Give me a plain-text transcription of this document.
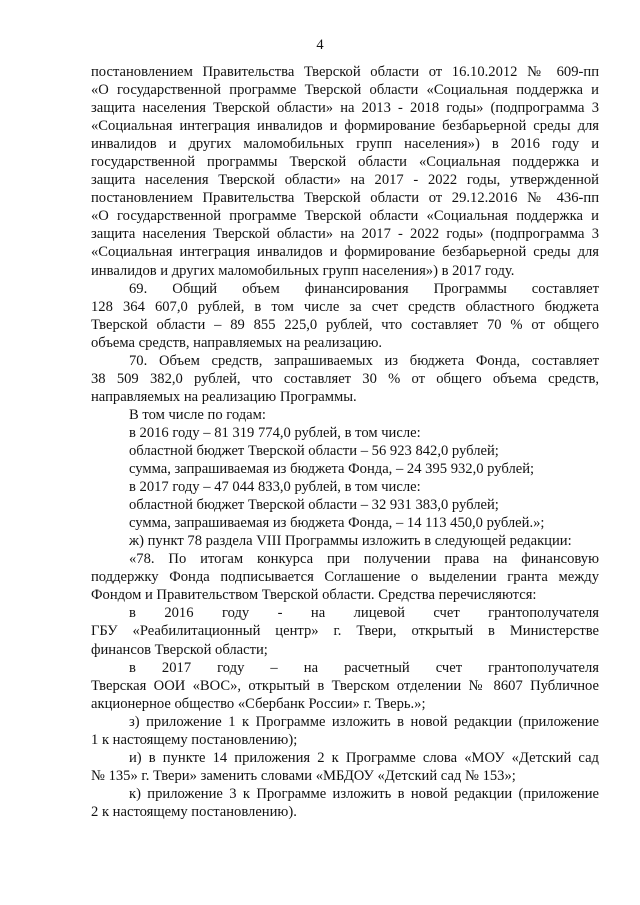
4
постановлением Правительства Тверской области от 16.10.2012 № 609-пп
«О государственной программе Тверской области «Социальная поддержка и
защита населения Тверской области» на 2013 - 2018 годы» (подпрограмма 3
«Социальная интеграция инвалидов и формирование безбарьерной среды для
инвалидов и других маломобильных групп населения») в 2016 году и
государственной программы Тверской области «Социальная поддержка и
защита населения Тверской области» на 2017 - 2022 годы, утвержденной
постановлением Правительства Тверской области от 29.12.2016 № 436-пп
«О государственной программе Тверской области «Социальная поддержка и
защита населения Тверской области» на 2017 - 2022 годы» (подпрограмма 3
«Социальная интеграция инвалидов и формирование безбарьерной среды для
инвалидов и других маломобильных групп населения») в 2017 году.
69. Общий объем финансирования Программы составляет
128 364 607,0 рублей, в том числе за счет средств областного бюджета
Тверской области – 89 855 225,0 рублей, что составляет 70 % от общего
объема средств, направляемых на реализацию.
70. Объем средств, запрашиваемых из бюджета Фонда, составляет
38 509 382,0 рублей, что составляет 30 % от общего объема средств,
направляемых на реализацию Программы.
В том числе по годам:
в 2016 году – 81 319 774,0 рублей, в том числе:
областной бюджет Тверской области – 56 923 842,0 рублей;
сумма, запрашиваемая из бюджета Фонда, – 24 395 932,0 рублей;
в 2017 году – 47 044 833,0 рублей, в том числе:
областной бюджет Тверской области – 32 931 383,0 рублей;
сумма, запрашиваемая из бюджета Фонда, – 14 113 450,0 рублей.»;
ж) пункт 78 раздела VIII Программы изложить в следующей редакции:
«78. По итогам конкурса при получении права на финансовую
поддержку Фонда подписывается Соглашение о выделении гранта между
Фондом и Правительством Тверской области. Средства перечисляются:
в 2016 году - на лицевой счет грантополучателя
ГБУ «Реабилитационный центр» г. Твери, открытый в Министерстве
финансов Тверской области;
в 2017 году – на расчетный счет грантополучателя
Тверская ООИ «ВОС», открытый в Тверском отделении № 8607 Публичное
акционерное общество «Сбербанк России» г. Тверь.»;
з) приложение 1 к Программе изложить в новой редакции (приложение
1 к настоящему постановлению);
и) в пункте 14 приложения 2 к Программе слова «МОУ «Детский сад
№ 135» г. Твери» заменить словами «МБДОУ «Детский сад № 153»;
к) приложение 3 к Программе изложить в новой редакции (приложение
2 к настоящему постановлению).
